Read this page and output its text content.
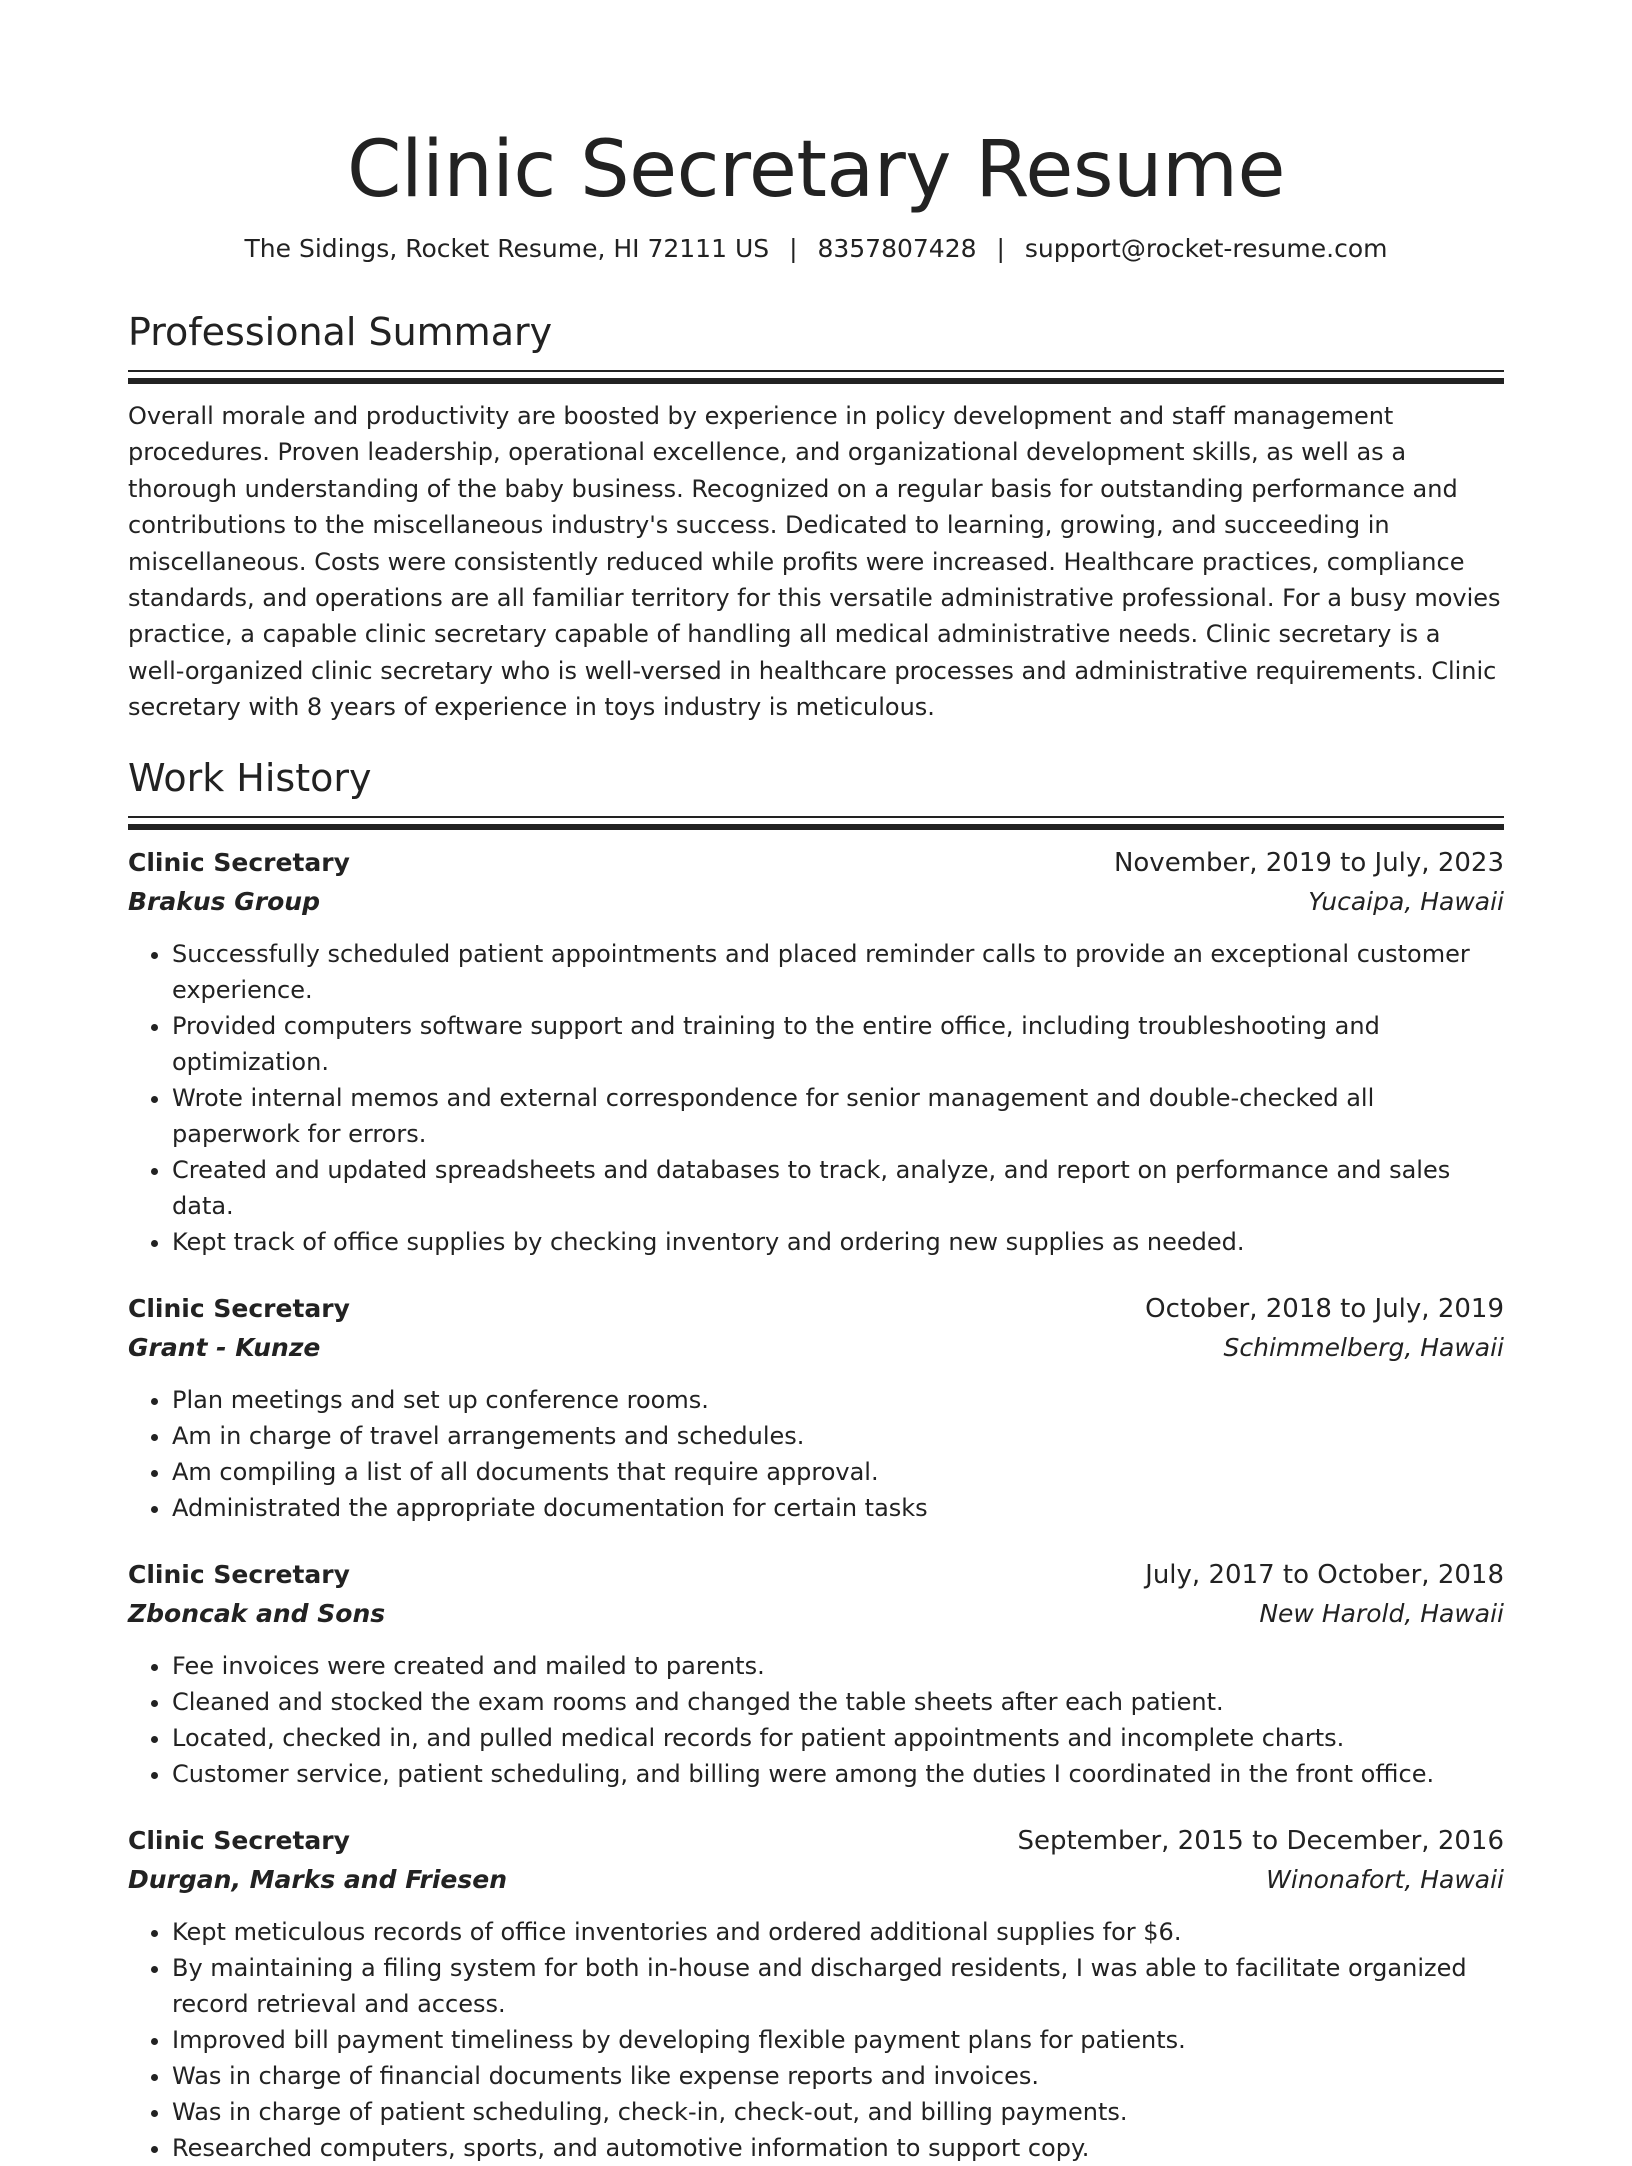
Clinic Secretary Resume
The Sidings, Rocket Resume, HI 72111 US | 8357807428 | support@rocket-resume.com
Professional Summary

Overall morale and productivity are boosted by experience in policy development and staff management procedures. Proven leadership, operational excellence, and organizational development skills, as well as a thorough understanding of the baby business. Recognized on a regular basis for outstanding performance and contributions to the miscellaneous industry's success. Dedicated to learning, growing, and succeeding in miscellaneous. Costs were consistently reduced while profits were increased. Healthcare practices, compliance standards, and operations are all familiar territory for this versatile administrative professional. For a busy movies practice, a capable clinic secretary capable of handling all medical administrative needs. Clinic secretary is a well-organized clinic secretary who is well-versed in healthcare processes and administrative requirements. Clinic secretary with 8 years of experience in toys industry is meticulous.

Work History
Clinic Secretary	November, 2019 to July, 2023
Brakus Group	Yucaipa, Hawaii
• Successfully scheduled patient appointments and placed reminder calls to provide an exceptional customer experience.
• Provided computers software support and training to the entire office, including troubleshooting and optimization.
• Wrote internal memos and external correspondence for senior management and double-checked all paperwork for errors.
• Created and updated spreadsheets and databases to track, analyze, and report on performance and sales data.
• Kept track of office supplies by checking inventory and ordering new supplies as needed.
Clinic Secretary	October, 2018 to July, 2019
Grant - Kunze	Schimmelberg, Hawaii
• Plan meetings and set up conference rooms.
• Am in charge of travel arrangements and schedules.
• Am compiling a list of all documents that require approval.
• Administrated the appropriate documentation for certain tasks
Clinic Secretary	July, 2017 to October, 2018
Zboncak and Sons	New Harold, Hawaii
• Fee invoices were created and mailed to parents.
• Cleaned and stocked the exam rooms and changed the table sheets after each patient.
• Located, checked in, and pulled medical records for patient appointments and incomplete charts.
• Customer service, patient scheduling, and billing were among the duties I coordinated in the front office.
Clinic Secretary	September, 2015 to December, 2016
Durgan, Marks and Friesen	Winonafort, Hawaii
• Kept meticulous records of office inventories and ordered additional supplies for $6.
• By maintaining a filing system for both in-house and discharged residents, I was able to facilitate organized record retrieval and access.
• Improved bill payment timeliness by developing flexible payment plans for patients.
• Was in charge of financial documents like expense reports and invoices.
• Was in charge of patient scheduling, check-in, check-out, and billing payments.
• Researched computers, sports, and automotive information to support copy.
